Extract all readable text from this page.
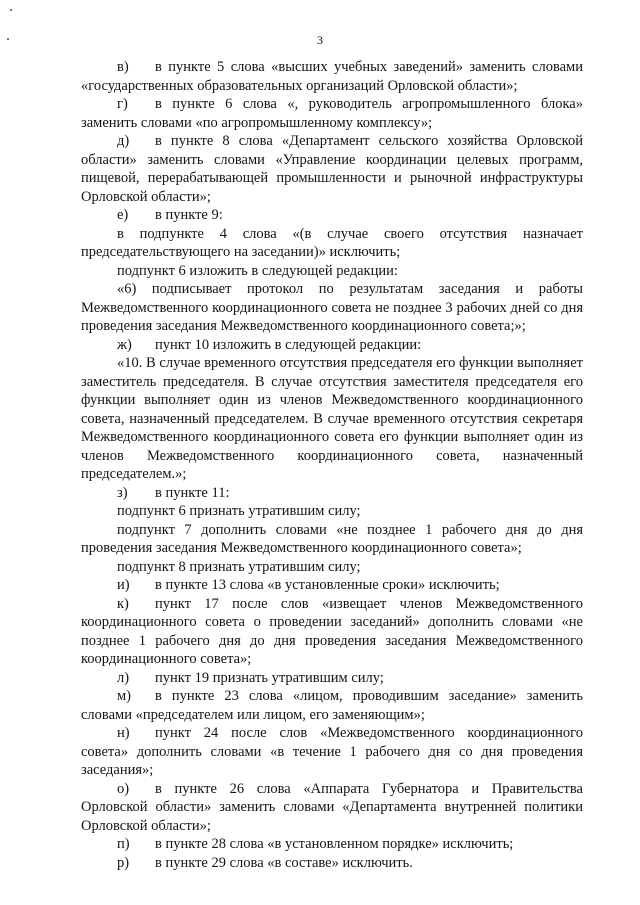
3

в) в пункте 5 слова «высших учебных заведений» заменить словами «государственных образовательных организаций Орловской области»;

г) в пункте 6 слова «, руководитель агропромышленного блока» заменить словами «по агропромышленному комплексу»;

д) в пункте 8 слова «Департамент сельского хозяйства Орловской области» заменить словами «Управление координации целевых программ, пищевой, перерабатывающей промышленности и рыночной инфраструктуры Орловской области»;

е) в пункте 9:

в подпункте 4 слова «(в случае своего отсутствия назначает председательствующего на заседании)» исключить;

подпункт 6 изложить в следующей редакции:

«6) подписывает протокол по результатам заседания и работы Межведомственного координационного совета не позднее 3 рабочих дней со дня проведения заседания Межведомственного координационного совета;»;

ж) пункт 10 изложить в следующей редакции:

«10. В случае временного отсутствия председателя его функции выполняет заместитель председателя. В случае отсутствия заместителя председателя его функции выполняет один из членов Межведомственного координационного совета, назначенный председателем. В случае временного отсутствия секретаря Межведомственного координационного совета его функции выполняет один из членов Межведомственного координационного совета, назначенный председателем.»;

з) в пункте 11:

подпункт 6 признать утратившим силу;

подпункт 7 дополнить словами «не позднее 1 рабочего дня до дня проведения заседания Межведомственного координационного совета»;

подпункт 8 признать утратившим силу;

и) в пункте 13 слова «в установленные сроки» исключить;

к) пункт 17 после слов «извещает членов Межведомственного координационного совета о проведении заседаний» дополнить словами «не позднее 1 рабочего дня до дня проведения заседания Межведомственного координационного совета»;

л) пункт 19 признать утратившим силу;

м) в пункте 23 слова «лицом, проводившим заседание» заменить словами «председателем или лицом, его заменяющим»;

н) пункт 24 после слов «Межведомственного координационного совета» дополнить словами «в течение 1 рабочего дня со дня проведения заседания»;

о) в пункте 26 слова «Аппарата Губернатора и Правительства Орловской области» заменить словами «Департамента внутренней политики Орловской области»;

п) в пункте 28 слова «в установленном порядке» исключить;

р) в пункте 29 слова «в составе» исключить.
